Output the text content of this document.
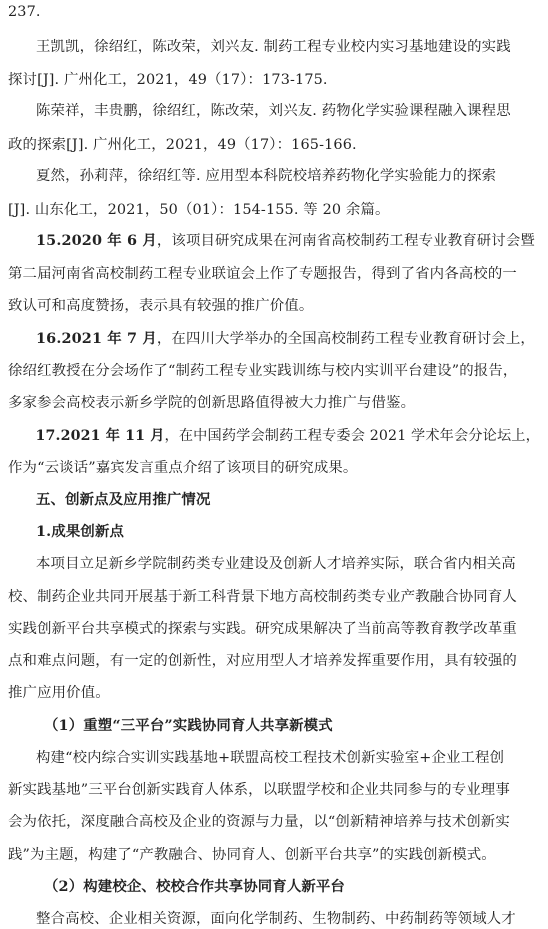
237.
王凯凯，徐绍红，陈改荣，刘兴友. 制药工程专业校内实习基地建设的实践
探讨[J]. 广州化工，2021，49（17）：173-175.
陈荣祥，丰贵鹏，徐绍红，陈改荣，刘兴友. 药物化学实验课程融入课程思
政的探索[J]. 广州化工，2021，49（17）：165-166.
夏然，孙莉萍，徐绍红等. 应用型本科院校培养药物化学实验能力的探索
[J]. 山东化工，2021，50（01）：154-155. 等 20 余篇。
15.2020 年 6 月，该项目研究成果在河南省高校制药工程专业教育研讨会暨
第二届河南省高校制药工程专业联谊会上作了专题报告，得到了省内各高校的一
致认可和高度赞扬，表示具有较强的推广价值。
16.2021 年 7 月，在四川大学举办的全国高校制药工程专业教育研讨会上，
徐绍红教授在分会场作了“制药工程专业实践训练与校内实训平台建设”的报告，
多家参会高校表示新乡学院的创新思路值得被大力推广与借鉴。
17.2021 年 11 月，在中国药学会制药工程专委会 2021 学术年会分论坛上，
作为“云谈话”嘉宾发言重点介绍了该项目的研究成果。
五、创新点及应用推广情况
1.成果创新点
本项目立足新乡学院制药类专业建设及创新人才培养实际，联合省内相关高
校、制药企业共同开展基于新工科背景下地方高校制药类专业产教融合协同育人
实践创新平台共享模式的探索与实践。研究成果解决了当前高等教育教学改革重
点和难点问题，有一定的创新性，对应用型人才培养发挥重要作用，具有较强的
推广应用价值。
（1）重塑“三平台”实践协同育人共享新模式
构建“校内综合实训实践基地+联盟高校工程技术创新实验室+企业工程创
新实践基地”三平台创新实践育人体系，以联盟学校和企业共同参与的专业理事
会为依托，深度融合高校及企业的资源与力量，以“创新精神培养与技术创新实
践”为主题，构建了“产教融合、协同育人、创新平台共享”的实践创新模式。
（2）构建校企、校校合作共享协同育人新平台
整合高校、企业相关资源，面向化学制药、生物制药、中药制药等领域人才
